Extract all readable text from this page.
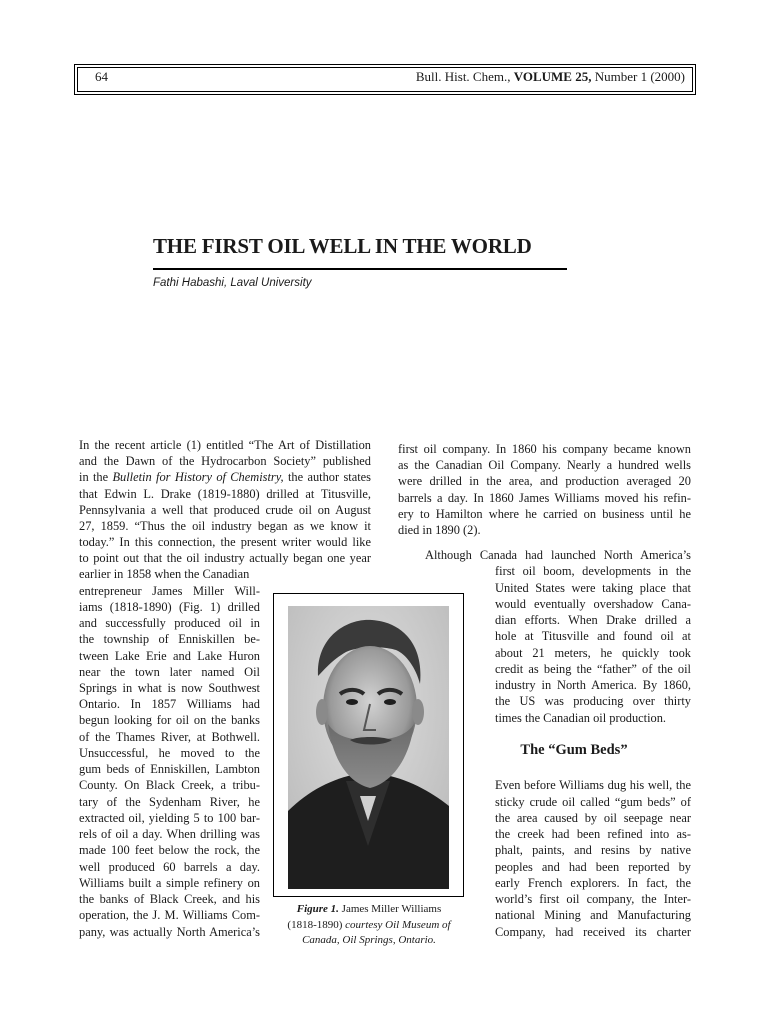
64	Bull. Hist. Chem., VOLUME 25, Number 1 (2000)
THE FIRST OIL WELL IN THE WORLD
Fathi Habashi, Laval University
In the recent article (1) entitled “The Art of Distillation
and the Dawn of the Hydrocarbon Society” published
in the Bulletin for History of Chemistry, the author states
that Edwin L. Drake (1819-1880) drilled at Titusville,
Pennsylvania a well that produced crude oil on August
27, 1859. “Thus the oil industry began as we know it
today.” In this connection, the present writer would like
to point out that the oil industry actually began one year
earlier in 1858 when the Canadian
entrepreneur James Miller Will-
iams (1818-1890) (Fig. 1) drilled
and successfully produced oil in
the township of Enniskillen be-
tween Lake Erie and Lake Huron
near the town later named Oil
Springs in what is now Southwest
Ontario. In 1857 Williams had
begun looking for oil on the banks
of the Thames River, at Bothwell.
Unsuccessful, he moved to the
gum beds of Enniskillen, Lambton
County. On Black Creek, a tribu-
tary of the Sydenham River, he
extracted oil, yielding 5 to 100 bar-
rels of oil a day. When drilling was
made 100 feet below the rock, the
well produced 60 barrels a day.
Williams built a simple refinery on
the banks of Black Creek, and his
operation, the J. M. Williams Com-
pany, was actually North America’s
Figure 1. James Miller Williams
(1818-1890) courtesy Oil Museum of
Canada, Oil Springs, Ontario.
first oil company. In 1860 his company became known
as the Canadian Oil Company. Nearly a hundred wells
were drilled in the area, and production averaged 20
barrels a day. In 1860 James Williams moved his refin-
ery to Hamilton where he carried on business until he
died in 1890 (2).
Although Canada had launched North America’s
first oil boom, developments in the
United States were taking place that
would eventually overshadow Cana-
dian efforts. When Drake drilled a
hole at Titusville and found oil at
about 21 meters, he quickly took
credit as being the “father” of the oil
industry in North America. By 1860,
the US was producing over thirty
times the Canadian oil production.
The “Gum Beds”
Even before Williams dug his well, the
sticky crude oil called “gum beds” of
the area caused by oil seepage near
the creek had been refined into as-
phalt, paints, and resins by native
peoples and had been reported by
early French explorers. In fact, the
world’s first oil company, the Inter-
national Mining and Manufacturing
Company, had received its charter
